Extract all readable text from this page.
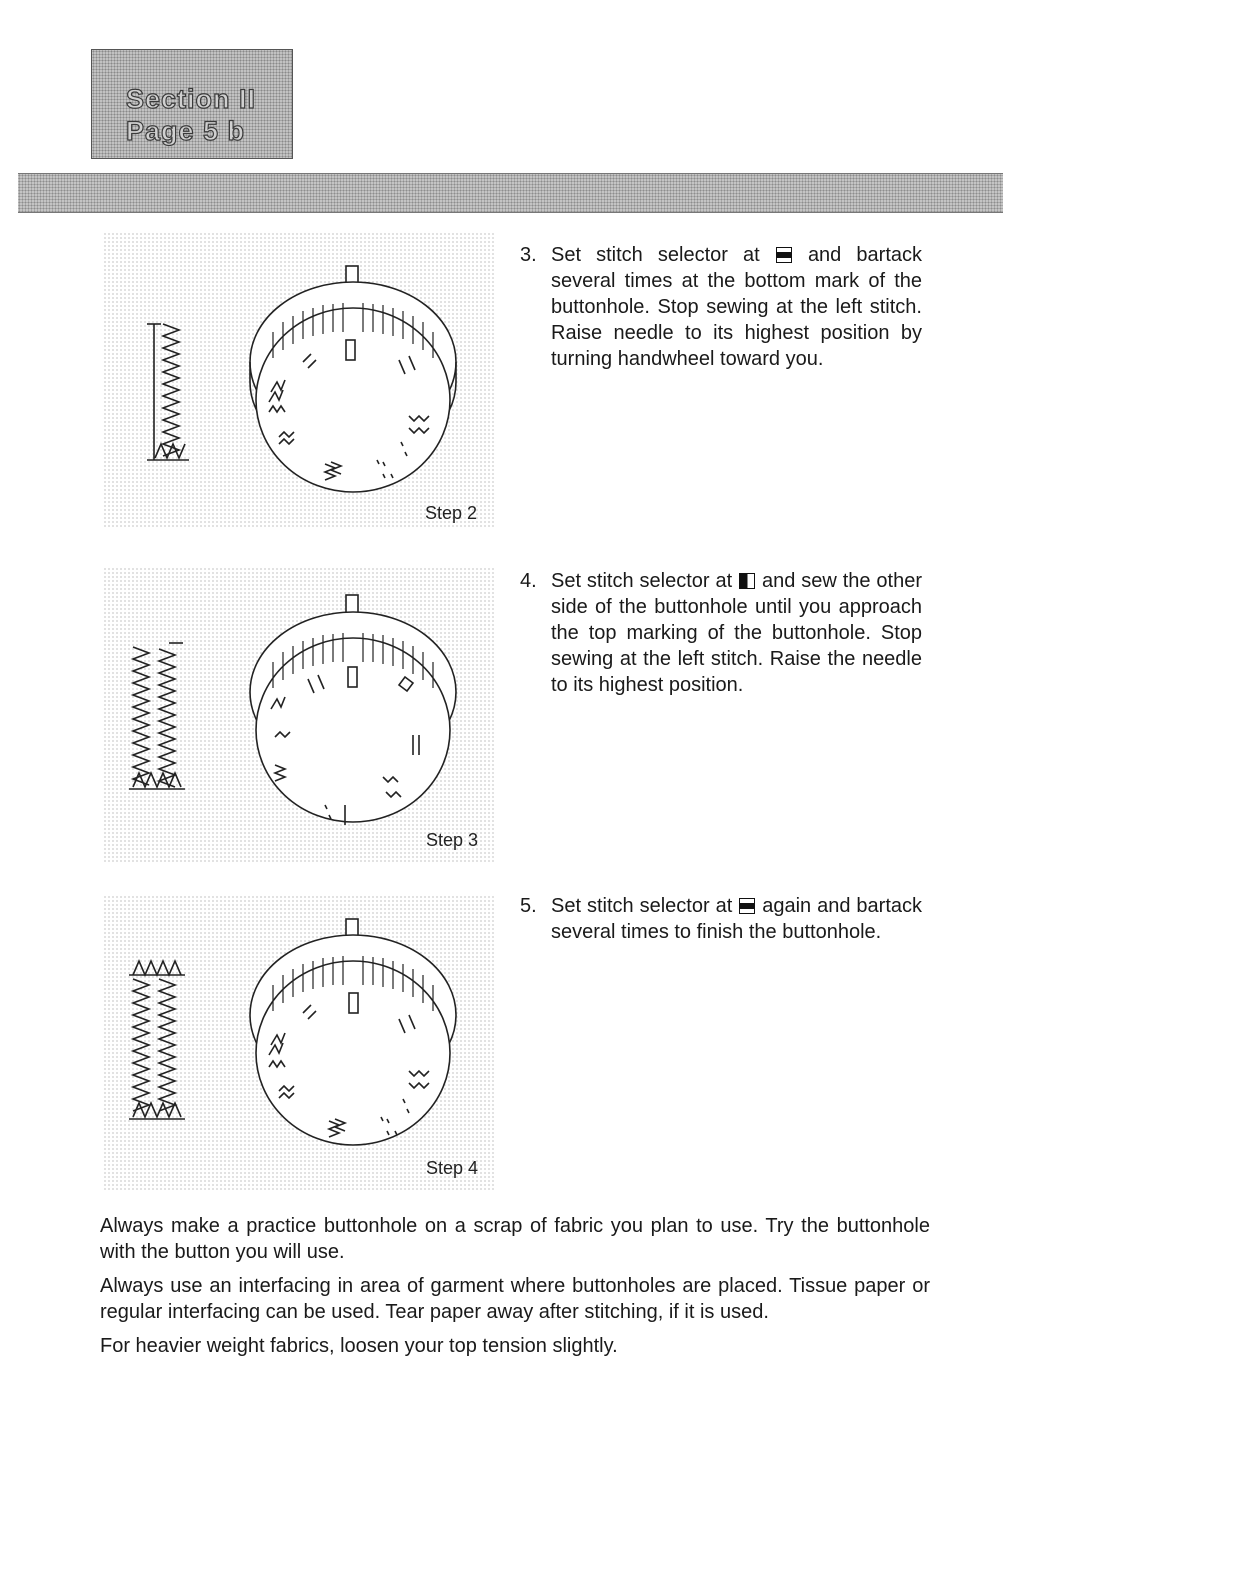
Section II
Page 5 b
Step 2
Step 3
Step 4
3. Set stitch selector at and bartack several times at the bottom mark of the buttonhole. Stop sewing at the left stitch. Raise needle to its highest position by turning handwheel toward you.
4. Set stitch selector at and sew the other side of the buttonhole until you approach the top marking of the buttonhole. Stop sewing at the left stitch. Raise the needle to its highest position.
5. Set stitch selector at again and bartack several times to finish the buttonhole.

Always make a practice buttonhole on a scrap of fabric you plan to use. Try the buttonhole with the button you will use.

Always use an interfacing in area of garment where buttonholes are placed. Tissue paper or regular interfacing can be used. Tear paper away after stitching, if it is used.

For heavier weight fabrics, loosen your top tension slightly.
